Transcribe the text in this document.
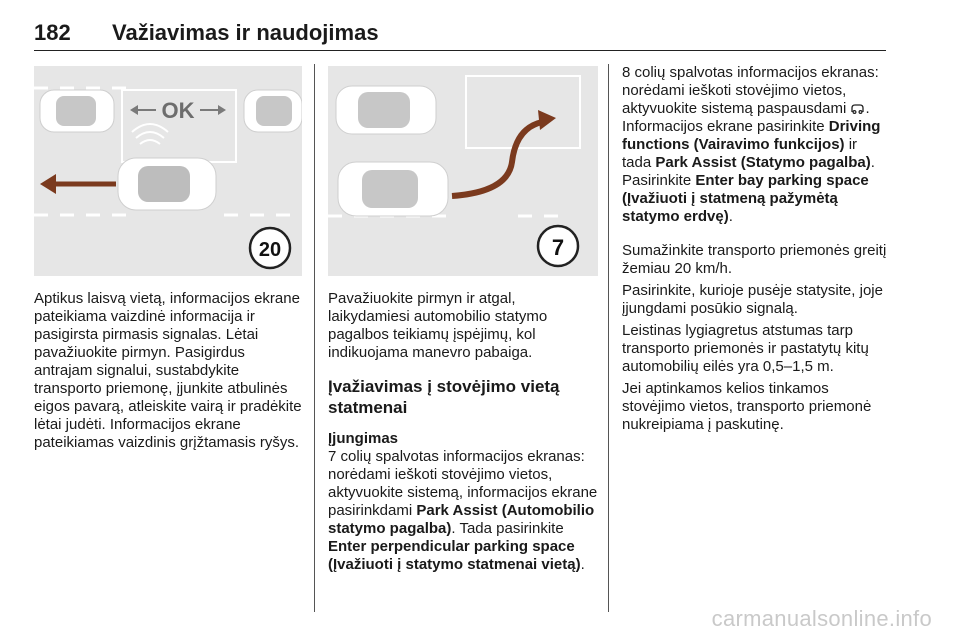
182 Važiavimas ir naudojimas
OK
20	7

Aptikus laisvą vietą, informacijos ekrane pateikiama vaizdinė informacija ir pasigirsta pirmasis signalas. Lėtai pavažiuokite pirmyn. Pasigirdus antrajam signalui, sustabdykite transporto priemonę, įjunkite atbulinės eigos pavarą, atleiskite vairą ir pradėkite lėtai judėti. Informacijos ekrane pateikiamas vaizdinis grįžtamasis ryšys.

Pavažiuokite pirmyn ir atgal, laikydamiesi automobilio statymo pagalbos teikiamų įspėjimų, kol indikuojama manevro pabaiga.

Įvažiavimas į stovėjimo vietą statmenai
Įjungimas

7 colių spalvotas informacijos ekranas: norėdami ieškoti stovėjimo vietos, aktyvuokite sistemą, informacijos ekrane pasirinkdami Park Assist (Automobilio statymo pagalba). Tada pasirinkite Enter perpendicular parking space (Įvažiuoti į statymo statmenai vietą).

8 colių spalvotas informacijos ekranas: norėdami ieškoti stovėjimo vietos, aktyvuokite sistemą paspausdami . Informacijos ekrane pasirinkite Driving functions (Vairavimo funkcijos) ir tada Park Assist (Statymo pagalba). Pasirinkite Enter bay parking space (Įvažiuoti į statmeną pažymėtą statymo erdvę).

Sumažinkite transporto priemonės greitį žemiau 20 km/h.

Pasirinkite, kurioje pusėje statysite, joje įjungdami posūkio signalą.

Leistinas lygiagretus atstumas tarp transporto priemonės ir pastatytų kitų automobilių eilės yra 0,5–1,5 m.

Jei aptinkamos kelios tinkamos stovėjimo vietos, transporto priemonė nukreipiama į paskutinę.

carmanualsonline.info
